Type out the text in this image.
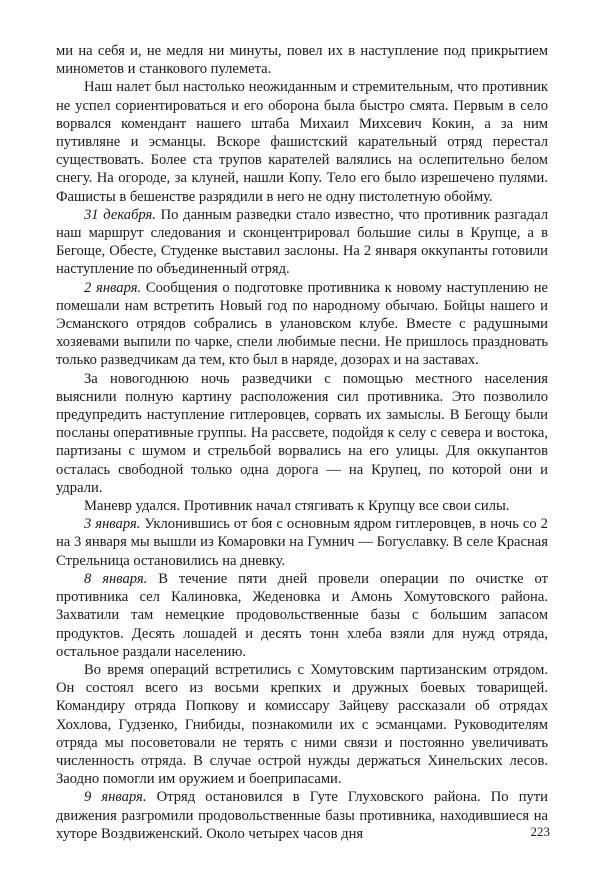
ми на себя и, не медля ни минуты, повел их в наступление под прикрытием минометов и станкового пулемета.

Наш налет был настолько неожиданным и стремительным, что противник не успел сориентироваться и его оборона была быстро смята. Первым в село ворвался комендант нашего штаба Михаил Михсевич Кокин, а за ним путивляне и эсманцы. Вскоре фашистский карательный отряд перестал существовать. Более ста трупов карателей валялись на ослепительно белом снегу. На огороде, за клуней, нашли Копу. Тело его было изрешечено пулями. Фашисты в бешенстве разрядили в него не одну пистолетную обойму.

31 декабря. По данным разведки стало известно, что противник разгадал наш маршрут следования и сконцентрировал большие силы в Крупце, а в Бегоще, Обесте, Студенке выставил заслоны. На 2 января оккупанты готовили наступление по объединенный отряд.

2 января. Сообщения о подготовке противника к новому наступлению не помешали нам встретить Новый год по народному обычаю. Бойцы нашего и Эсманского отрядов собрались в улановском клубе. Вместе с радушными хозяевами выпили по чарке, спели любимые песни. Не пришлось праздновать только разведчикам да тем, кто был в наряде, дозорах и на заставах.

За новогоднюю ночь разведчики с помощью местного населения выяснили полную картину расположения сил противника. Это позволило предупредить наступление гитлеровцев, сорвать их замыслы. В Бегощу были посланы оперативные группы. На рассвете, подойдя к селу с севера и востока, партизаны с шумом и стрельбой ворвались на его улицы. Для оккупантов осталась свободной только одна дорога — на Крупец, по которой они и удрали.

Маневр удался. Противник начал стягивать к Крупцу все свои силы.

3 января. Уклонившись от боя с основным ядром гитлеровцев, в ночь со 2 на 3 января мы вышли из Комаровки на Гумнич — Богуславку. В селе Красная Стрельница остановились на дневку.

8 января. В течение пяти дней провели операции по очистке от противника сел Калиновка, Жеденовка и Амонь Хомутовского района. Захватили там немецкие продовольственные базы с большим запасом продуктов. Десять лошадей и десять тонн хлеба взяли для нужд отряда, остальное раздали населению.

Во время операций встретились с Хомутовским партизанским отрядом. Он состоял всего из восьми крепких и дружных боевых товарищей. Командиру отряда Попкову и комиссару Зайцеву рассказали об отрядах Хохлова, Гудзенко, Гнибиды, познакомили их с эсманцами. Руководителям отряда мы посоветовали не терять с ними связи и постоянно увеличивать численность отряда. В случае острой нужды держаться Хинельских лесов. Заодно помогли им оружием и боеприпасами.

9 января. Отряд остановился в Гуте Глуховского района. По пути движения разгромили продовольственные базы противника, находившиеся на хуторе Воздвиженский. Около четырех часов дня	223
